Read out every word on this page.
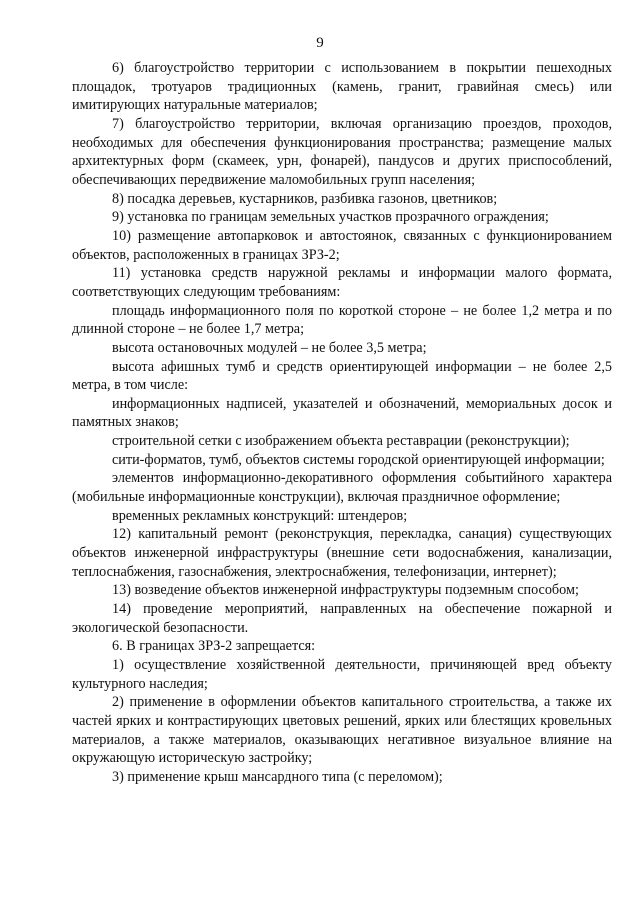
9

6) благоустройство территории с использованием в покрытии пешеходных площадок, тротуаров традиционных (камень, гранит, гравийная смесь) или имитирующих натуральные материалов;

7) благоустройство территории, включая организацию проездов, проходов, необходимых для обеспечения функционирования пространства; размещение малых архитектурных форм (скамеек, урн, фонарей), пандусов и других приспособлений, обеспечивающих передвижение маломобильных групп населения;

8) посадка деревьев, кустарников, разбивка газонов, цветников;

9) установка по границам земельных участков прозрачного ограждения;

10) размещение автопарковок и автостоянок, связанных с функционированием объектов, расположенных в границах ЗРЗ-2;

11) установка средств наружной рекламы и информации малого формата, соответствующих следующим требованиям:

площадь информационного поля по короткой стороне – не более 1,2 метра и по длинной стороне – не более 1,7 метра;

высота остановочных модулей – не более 3,5 метра;

высота афишных тумб и средств ориентирующей информации – не более 2,5 метра, в том числе:

информационных надписей, указателей и обозначений, мемориальных досок и памятных знаков;

строительной сетки с изображением объекта реставрации (реконструкции);

сити-форматов, тумб, объектов системы городской ориентирующей информации;

элементов информационно-декоративного оформления событийного характера (мобильные информационные конструкции), включая праздничное оформление;

временных рекламных конструкций: штендеров;

12) капитальный ремонт (реконструкция, перекладка, санация) существующих объектов инженерной инфраструктуры (внешние сети водоснабжения, канализации, теплоснабжения, газоснабжения, электроснабжения, телефонизации, интернет);

13) возведение объектов инженерной инфраструктуры подземным способом;

14) проведение мероприятий, направленных на обеспечение пожарной и экологической безопасности.

6. В границах ЗРЗ-2 запрещается:

1) осуществление хозяйственной деятельности, причиняющей вред объекту культурного наследия;

2) применение в оформлении объектов капитального строительства, а также их частей ярких и контрастирующих цветовых решений, ярких или блестящих кровельных материалов, а также материалов, оказывающих негативное визуальное влияние на окружающую историческую застройку;

3) применение крыш мансардного типа (с переломом);
